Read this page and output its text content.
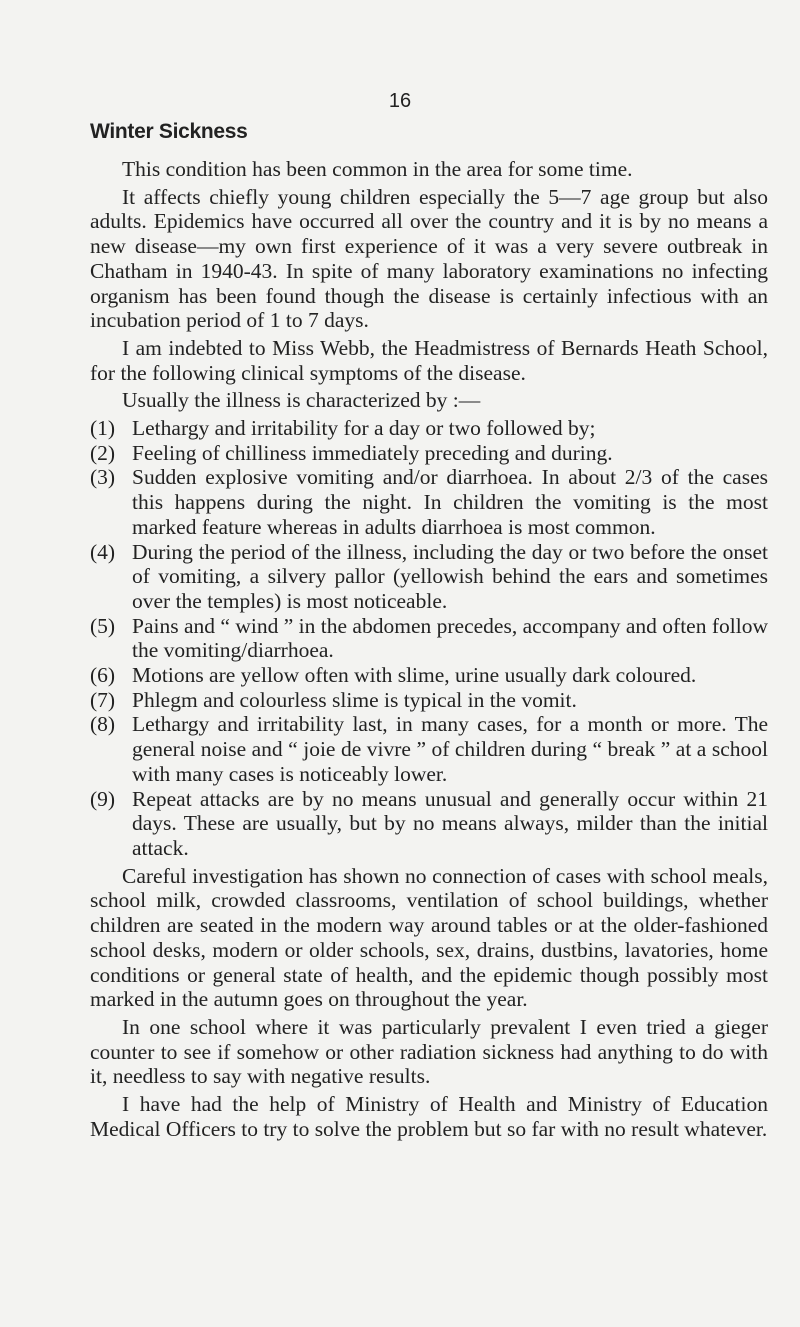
16
Winter Sickness

This condition has been common in the area for some time.

It affects chiefly young children especially the 5—7 age group but also adults. Epidemics have occurred all over the country and it is by no means a new disease—my own first experience of it was a very severe outbreak in Chatham in 1940-43. In spite of many laboratory examinations no infecting organism has been found though the disease is certainly infectious with an incubation period of 1 to 7 days.

I am indebted to Miss Webb, the Headmistress of Bernards Heath School, for the following clinical symptoms of the disease.

Usually the illness is characterized by :—

(1) Lethargy and irritability for a day or two followed by;
(2) Feeling of chilliness immediately preceding and during.
(3) Sudden explosive vomiting and/or diarrhoea. In about 2/3 of the cases this happens during the night. In children the vomiting is the most marked feature whereas in adults diarrhoea is most common.
(4) During the period of the illness, including the day or two before the onset of vomiting, a silvery pallor (yellowish behind the ears and sometimes over the temples) is most noticeable.
(5) Pains and “ wind ” in the abdomen precedes, accompany and often follow the vomiting/diarrhoea.
(6) Motions are yellow often with slime, urine usually dark coloured.
(7) Phlegm and colourless slime is typical in the vomit.
(8) Lethargy and irritability last, in many cases, for a month or more. The general noise and “ joie de vivre ” of children during “ break ” at a school with many cases is noticeably lower.
(9) Repeat attacks are by no means unusual and generally occur within 21 days. These are usually, but by no means always, milder than the initial attack.

Careful investigation has shown no connection of cases with school meals, school milk, crowded classrooms, ventilation of school buildings, whether children are seated in the modern way around tables or at the older-fashioned school desks, modern or older schools, sex, drains, dustbins, lavatories, home conditions or general state of health, and the epidemic though possibly most marked in the autumn goes on throughout the year.

In one school where it was particularly prevalent I even tried a gieger counter to see if somehow or other radiation sickness had anything to do with it, needless to say with negative results.

I have had the help of Ministry of Health and Ministry of Education Medical Officers to try to solve the problem but so far with no result whatever.
